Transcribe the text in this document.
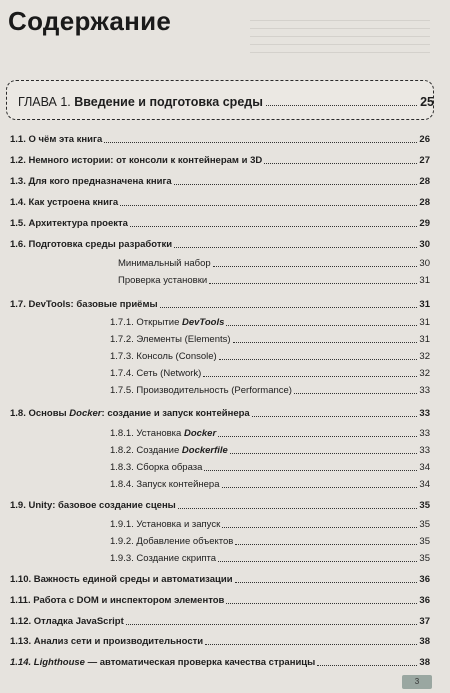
Содержание
ГЛАВА 1. Введение и подготовка среды	25
1.1. О чём эта книга	26
1.2. Немного истории: от консоли к контейнерам и 3D	27
1.3. Для кого предназначена книга	28
1.4. Как устроена книга	28
1.5. Архитектура проекта	29
1.6. Подготовка среды разработки	30
Минимальный набор	30
Проверка установки	31
1.7. DevTools: базовые приёмы	31
1.7.1. Открытие DevTools	31
1.7.2. Элементы (Elements)	31
1.7.3. Консоль (Console)	32
1.7.4. Сеть (Network)	32
1.7.5. Производительность (Performance)	33
1.8. Основы Docker: создание и запуск контейнера	33
1.8.1. Установка Docker	33
1.8.2. Создание Dockerfile	33
1.8.3. Сборка образа	34
1.8.4. Запуск контейнера	34
1.9. Unity: базовое создание сцены	35
1.9.1. Установка и запуск	35
1.9.2. Добавление объектов	35
1.9.3. Создание скрипта	35
1.10. Важность единой среды и автоматизации	36
1.11. Работа с DOM и инспектором элементов	36
1.12. Отладка JavaScript	37
1.13. Анализ сети и производительности	38
1.14. Lighthouse — автоматическая проверка качества страницы	38
3
